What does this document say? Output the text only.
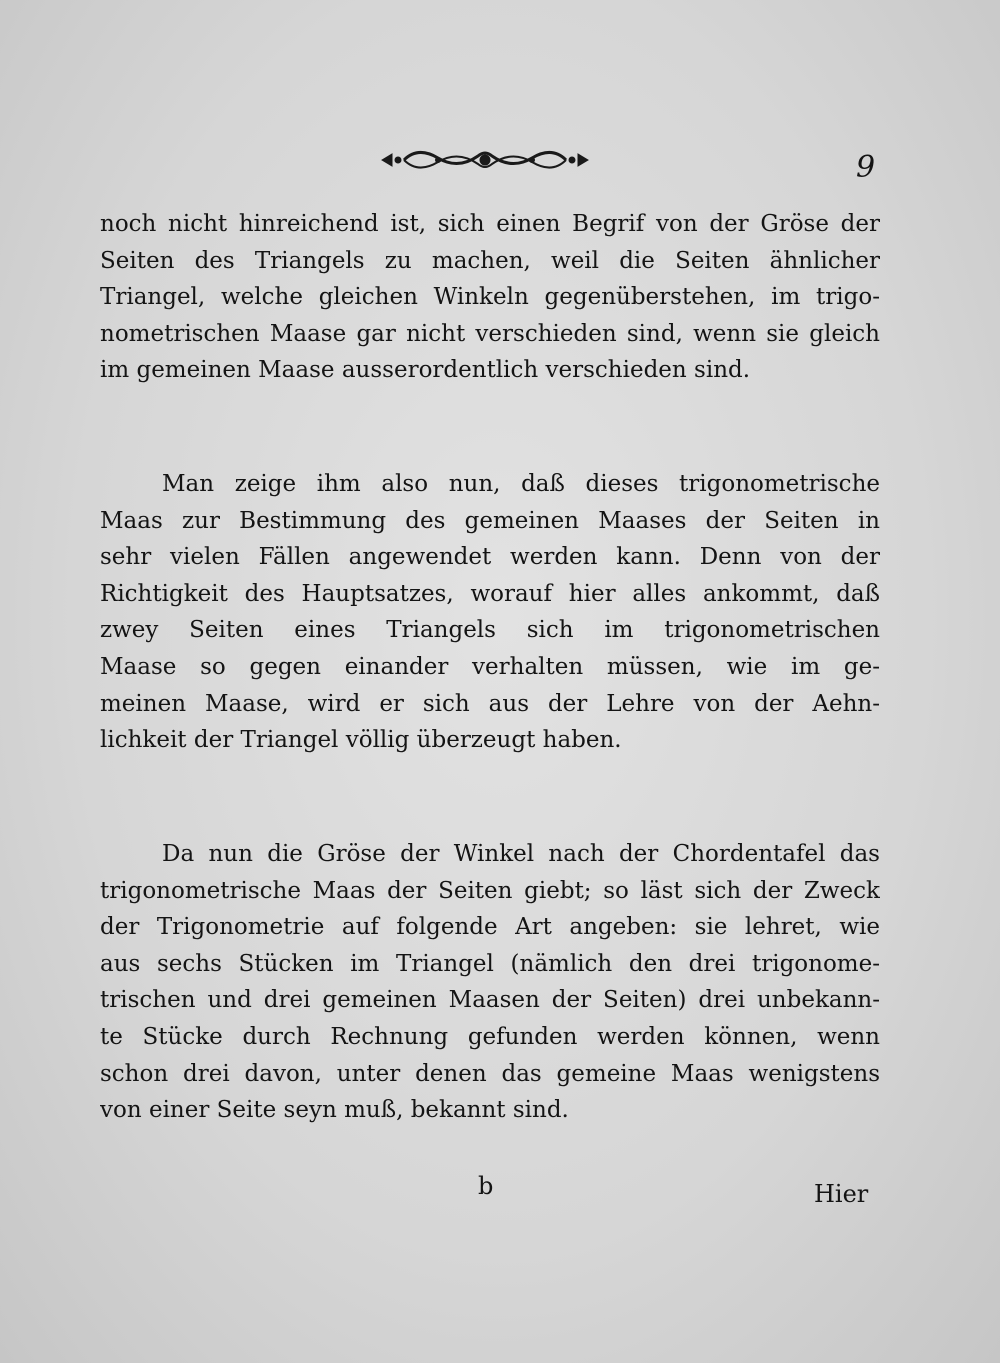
9

noch nicht hinreichend ist, sich einen Begrif von der Gröse der
Seiten des Triangels zu machen, weil die Seiten ähnlicher
Triangel, welche gleichen Winkeln gegenüberstehen, im trigo-
nometrischen Maase gar nicht verschieden sind, wenn sie gleich
im gemeinen Maase ausserordentlich verschieden sind.

Man zeige ihm also nun, daß dieses trigonometrische
Maas zur Bestimmung des gemeinen Maases der Seiten in
sehr vielen Fällen angewendet werden kann. Denn von der
Richtigkeit des Hauptsatzes, worauf hier alles ankommt, daß
zwey Seiten eines Triangels sich im trigonometrischen
Maase so gegen einander verhalten müssen, wie im ge-
meinen Maase, wird er sich aus der Lehre von der Aehn-
lichkeit der Triangel völlig überzeugt haben.

Da nun die Gröse der Winkel nach der Chordentafel das
trigonometrische Maas der Seiten giebt; so läst sich der Zweck
der Trigonometrie auf folgende Art angeben: sie lehret, wie
aus sechs Stücken im Triangel (nämlich den drei trigonome-
trischen und drei gemeinen Maasen der Seiten) drei unbekann-
te Stücke durch Rechnung gefunden werden können, wenn
schon drei davon, unter denen das gemeine Maas wenigstens
von einer Seite seyn muß, bekannt sind.

b	Hier
